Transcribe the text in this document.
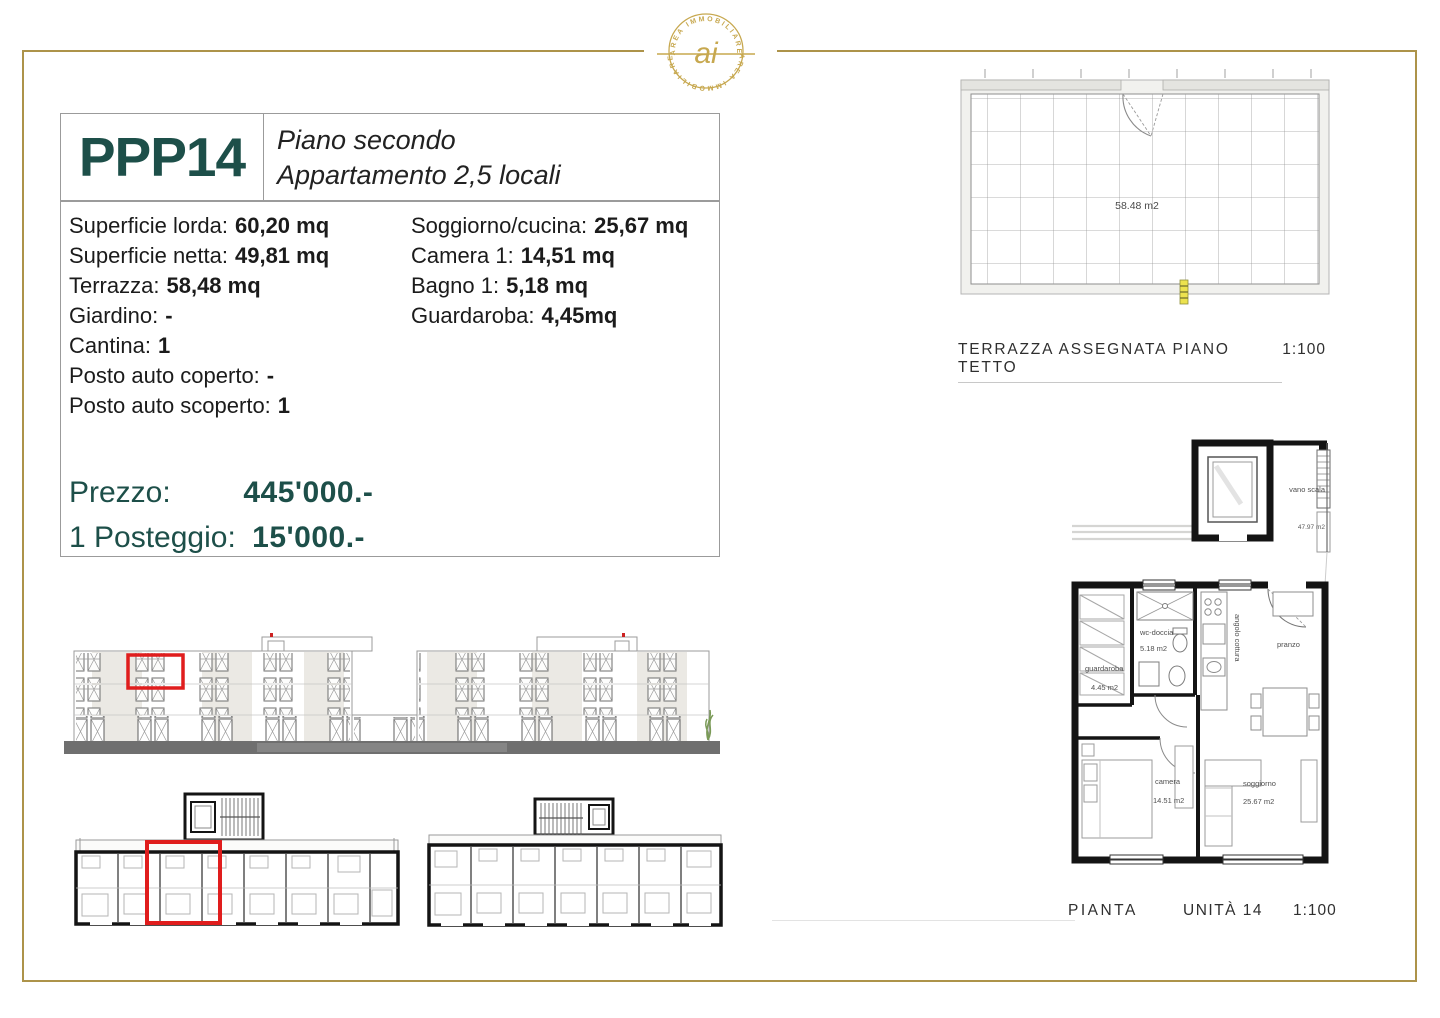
AREA IMMOBILIARE
AREA IMMOBILIARE ai
PPP14 Piano secondo
Appartamento 2,5 locali
Superficie lorda: 60,20 mq
Superficie netta: 49,81 mq
Terrazza: 58,48 mq
Giardino: -
Cantina: 1
Posto auto coperto: -
Posto auto scoperto: 1
Soggiorno/cucina: 25,67 mq
Camera 1: 14,51 mq
Bagno 1: 5,18 mq
Guardaroba: 4,45mq
Prezzo: 445'000.-
1 Posteggio: 15'000.-
58.48 m2
TERRAZZA ASSEGNATA PIANO TETTO
1:100
vano scala
47.97 m2
guardaroba
4.45 m2
wc-doccia
5.18 m2	angolo cottura	pranzo
camera
14.51 m2
soggiorno
25.67 m2
PIANTA	UNITÀ 14 1:100
